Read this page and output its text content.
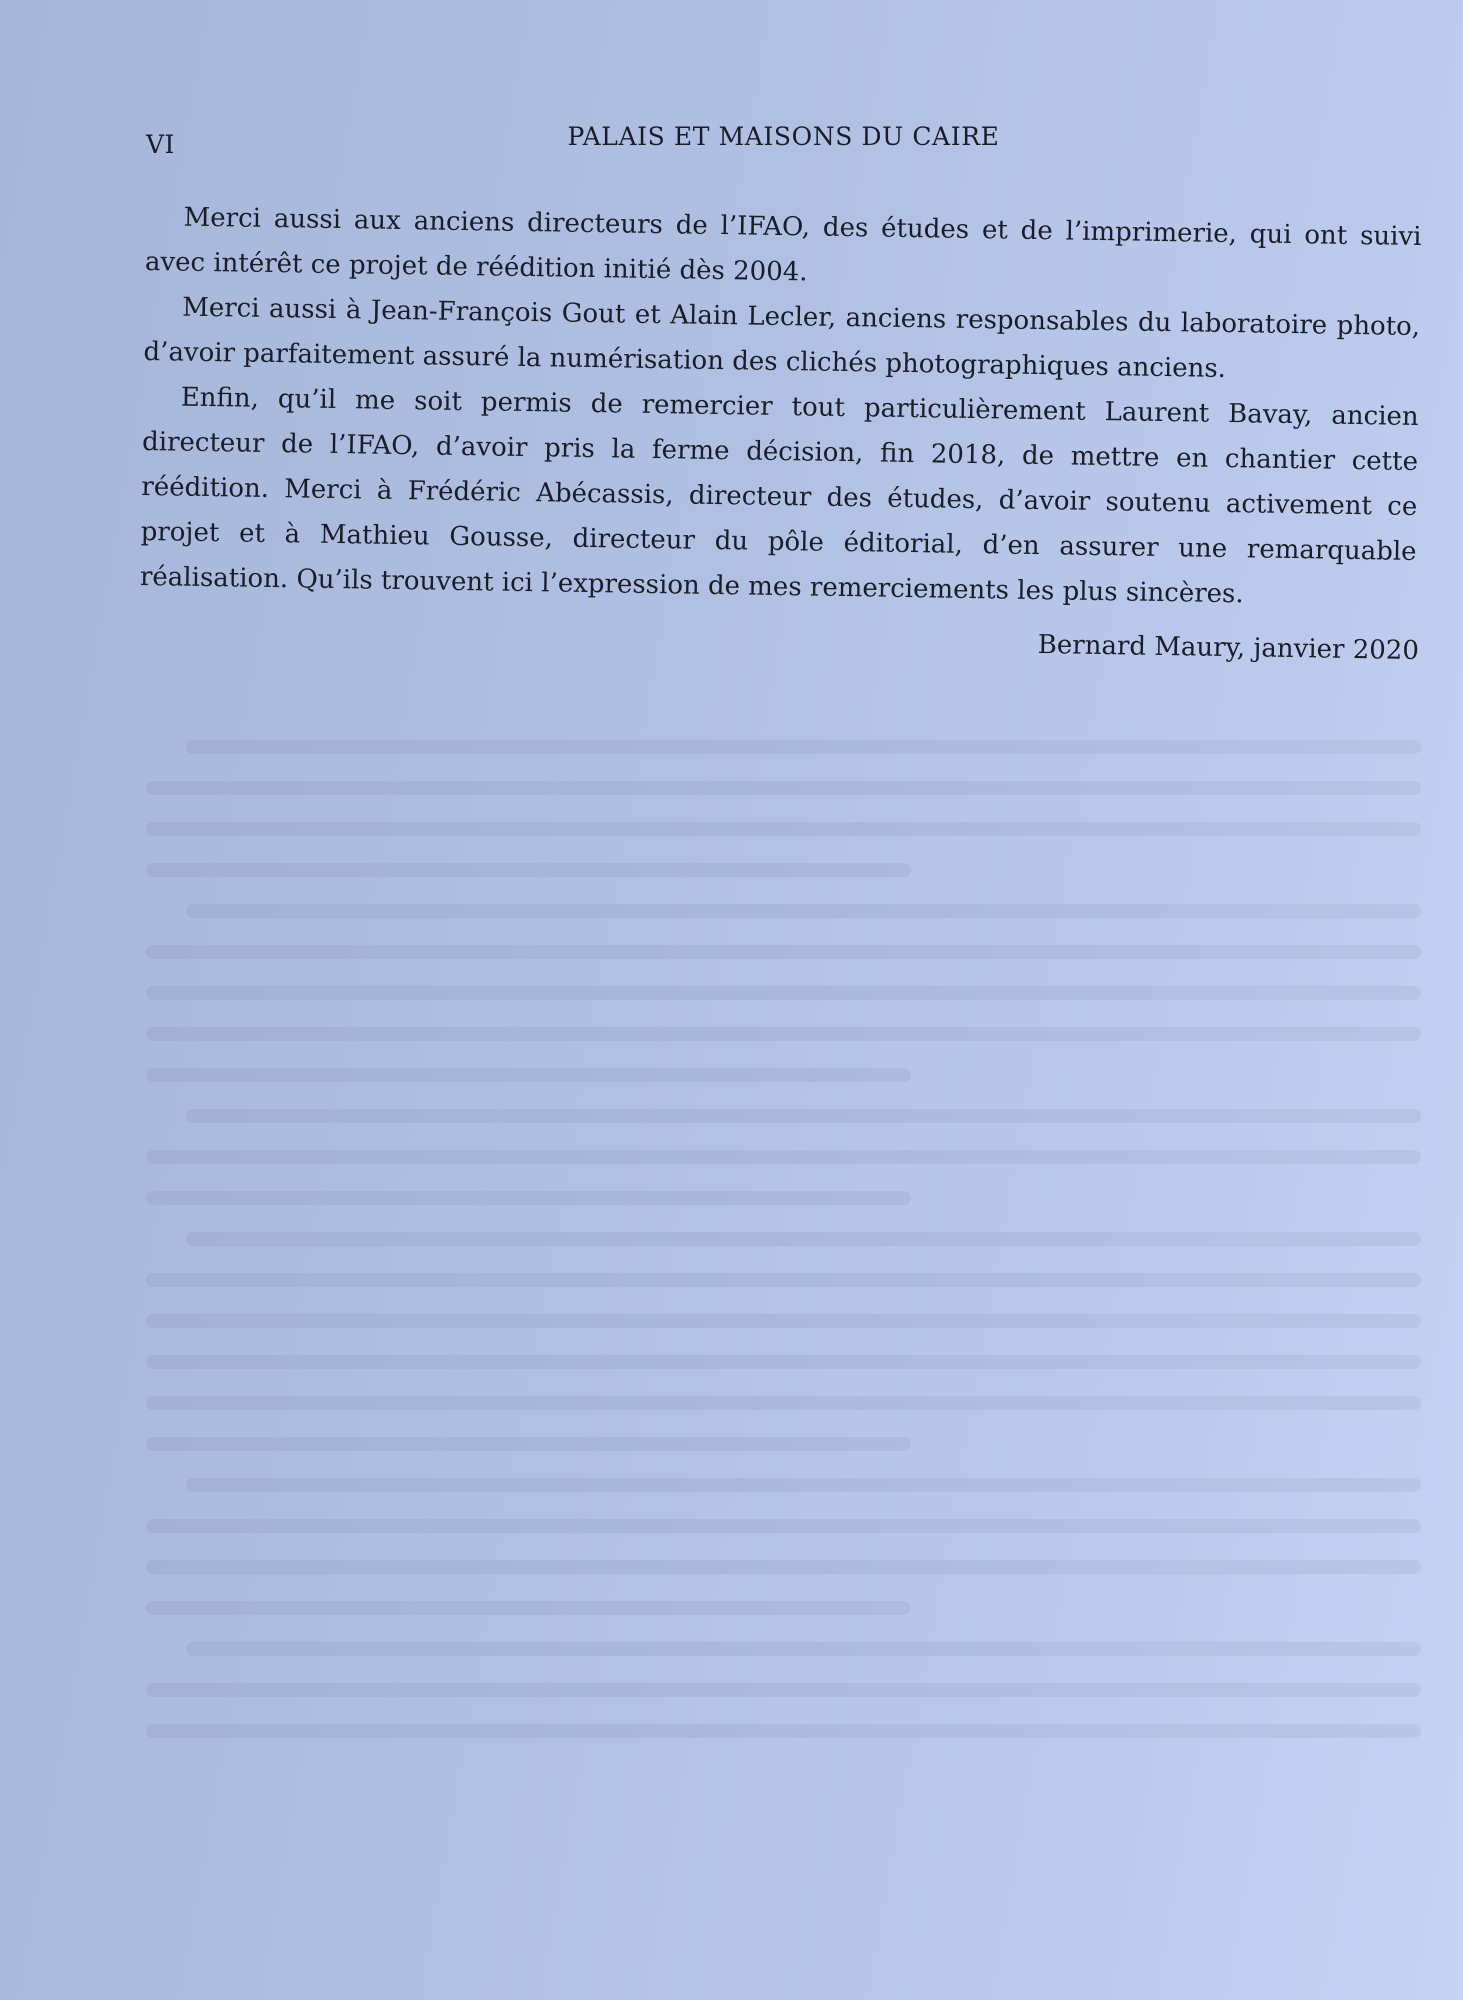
VI	PALAIS ET MAISONS DU CAIRE

Merci aussi aux anciens directeurs de l’IFAO, des études et de l’imprimerie, qui ont suivi avec intérêt ce projet de réédition initié dès 2004.

Merci aussi à Jean-François Gout et Alain Lecler, anciens responsables du laboratoire photo, d’avoir parfaitement assuré la numérisation des clichés photographiques anciens.

Enfin, qu’il me soit permis de remercier tout particulièrement Laurent Bavay, ancien directeur de l’IFAO, d’avoir pris la ferme décision, fin 2018, de mettre en chantier cette réédition. Merci à Frédéric Abécassis, directeur des études, d’avoir soutenu activement ce projet et à Mathieu Gousse, directeur du pôle éditorial, d’en assurer une remarquable réalisation. Qu’ils trouvent ici l’expression de mes remerciements les plus sincères.

Bernard Maury, janvier 2020
